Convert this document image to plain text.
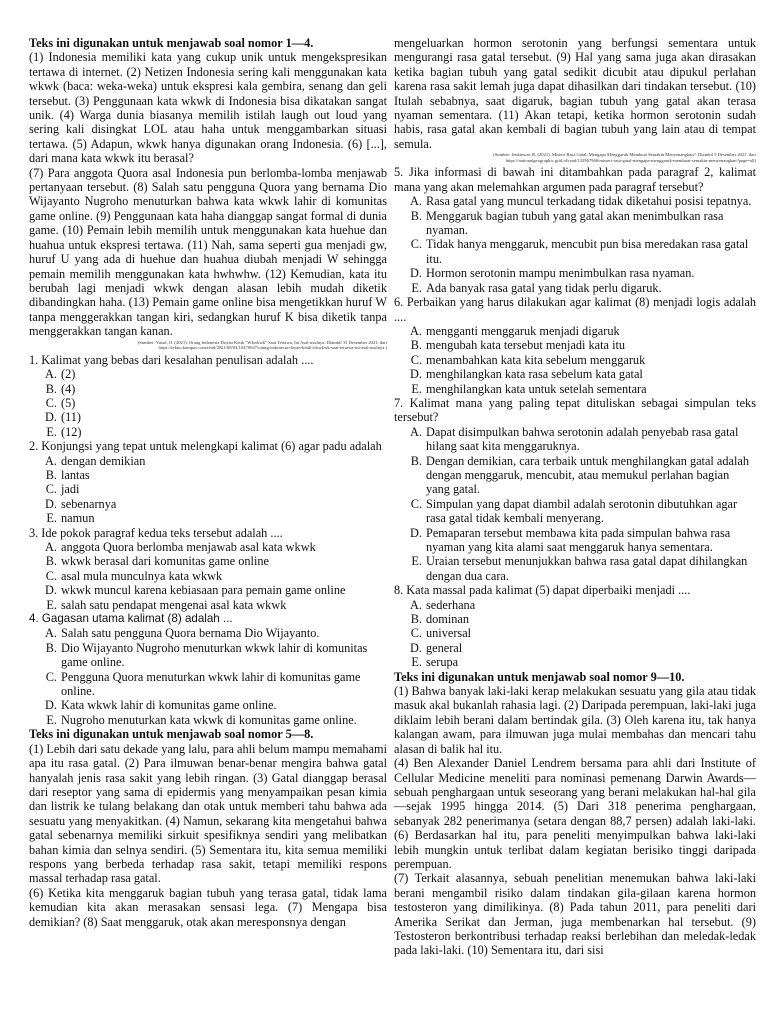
Teks ini digunakan untuk menjawab soal nomor 1—4.

(1) Indonesia memiliki kata yang cukup unik untuk mengekspresikan tertawa di internet. (2) Netizen Indonesia sering kali menggunakan kata wkwk (baca: weka-weka) untuk ekspresi kala gembira, senang dan geli tersebut. (3) Penggunaan kata wkwk di Indonesia bisa dikatakan sangat unik. (4) Warga dunia biasanya memilih istilah laugh out loud yang sering kali disingkat LOL atau haha untuk menggambarkan situasi tertawa. (5) Adapun, wkwk hanya digunakan orang Indonesia. (6) [...], dari mana kata wkwk itu berasal?

(7) Para anggota Quora asal Indonesia pun berlomba-lomba menjawab pertanyaan tersebut. (8) Salah satu pengguna Quora yang bernama Dio Wijayanto Nugroho menuturkan bahwa kata wkwk lahir di komunitas game online. (9) Penggunaan kata haha dianggap sangat formal di dunia game. (10) Pemain lebih memilih untuk menggunakan kata huehue dan huahua untuk ekspresi tertawa. (11) Nah, sama seperti gua menjadi gw, huruf U yang ada di huehue dan huahua diubah menjadi W sehingga pemain memilih menggunakan kata hwhwhw. (12) Kemudian, kata itu berubah lagi menjadi wkwk dengan alasan lebih mudah diketik dibandingkan haha. (13) Pemain game online bisa mengetikkan huruf W tanpa menggerakkan tangan kiri, sedangkan huruf K bisa diketik tanpa menggerakkan tangan kanan.

(Sumber: Yusuf, O. (2021). Orang Indonesia Doyan Ketik "Wkwkwk" Saat Tertawa, Ini Asal-usulnya. Diambil 31 Desember 2021, dari https://tekno.kompas.com/read/2021/08/04/16470047/orang-indonesia-doyan-ketik-wkwkwk-saat-tertawa-ini-asal-usulnya.)

1. Kalimat yang bebas dari kesalahan penulisan adalah ....

A. (2)
B. (4)
C. (5)
D. (11)
E. (12)

2. Konjungsi yang tepat untuk melengkapi kalimat (6) agar padu adalah

A. dengan demikian
B. lantas
C. jadi
D. sebenarnya
E. namun

3. Ide pokok paragraf kedua teks tersebut adalah ....

A. anggota Quora berlomba menjawab asal kata wkwk
B. wkwk berasal dari komunitas game online
C. asal mula munculnya kata wkwk
D. wkwk muncul karena kebiasaan para pemain game online
E. salah satu pendapat mengenai asal kata wkwk

4. Gagasan utama kalimat (8) adalah ...

A. Salah satu pengguna Quora bernama Dio Wijayanto.
B. Dio Wijayanto Nugroho menuturkan wkwk lahir di komunitas game online.
C. Pengguna Quora menuturkan wkwk lahir di komunitas game online.
D. Kata wkwk lahir di komunitas game online.
E. Nugroho menuturkan kata wkwk di komunitas game online.

Teks ini digunakan untuk menjawab soal nomor 5—8.

(1) Lebih dari satu dekade yang lalu, para ahli belum mampu memahami apa itu rasa gatal. (2) Para ilmuwan benar-benar mengira bahwa gatal hanyalah jenis rasa sakit yang lebih ringan. (3) Gatal dianggap berasal dari reseptor yang sama di epidermis yang menyampaikan pesan kimia dan listrik ke tulang belakang dan otak untuk memberi tahu bahwa ada sesuatu yang menyakitkan. (4) Namun, sekarang kita mengetahui bahwa gatal sebenarnya memiliki sirkuit spesifiknya sendiri yang melibatkan bahan kimia dan selnya sendiri. (5) Sementara itu, kita semua memiliki respons yang berbeda terhadap rasa sakit, tetapi memiliki respons massal terhadap rasa gatal.

(6) Ketika kita menggaruk bagian tubuh yang terasa gatal, tidak lama kemudian kita akan merasakan sensasi lega. (7) Mengapa bisa demikian? (8) Saat menggaruk, otak akan meresponsnya dengan

mengeluarkan hormon serotonin yang berfungsi sementara untuk mengurangi rasa gatal tersebut. (9) Hal yang sama juga akan dirasakan ketika bagian tubuh yang gatal sedikit dicubit atau dipukul perlahan karena rasa sakit lemah juga dapat dihasilkan dari tindakan tersebut. (10) Itulah sebabnya, saat digaruk, bagian tubuh yang gatal akan terasa nyaman sementara. (11) Akan tetapi, ketika hormon serotonin sudah habis, rasa gatal akan kembali di bagian tubuh yang lain atau di tempat semula.

(Sumber: Jenkinson, R. (2021). Misteri Rasa Gatal, Mengapa Menggaruk Membuat Semakin Menyenangkan?. Diambil 5 Desember 2021, dari https://nationalgeographic.grid.id/read/132967966/misteri-rasa-gatal-mengapa-menggaruk-membuat-semakin-menyenangkan?page=all)

5. Jika informasi di bawah ini ditambahkan pada paragraf 2, kalimat mana yang akan melemahkan argumen pada paragraf tersebut?

A. Rasa gatal yang muncul terkadang tidak diketahui posisi tepatnya.
B. Menggaruk bagian tubuh yang gatal akan menimbulkan rasa nyaman.
C. Tidak hanya menggaruk, mencubit pun bisa meredakan rasa gatal itu.
D. Hormon serotonin mampu menimbulkan rasa nyaman.
E. Ada banyak rasa gatal yang tidak perlu digaruk.

6. Perbaikan yang harus dilakukan agar kalimat (8) menjadi logis adalah ....

A. mengganti menggaruk menjadi digaruk
B. mengubah kata tersebut menjadi kata itu
C. menambahkan kata kita sebelum menggaruk
D. menghilangkan kata rasa sebelum kata gatal
E. menghilangkan kata untuk setelah sementara

7. Kalimat mana yang paling tepat dituliskan sebagai simpulan teks tersebut?

A. Dapat disimpulkan bahwa serotonin adalah penyebab rasa gatal hilang saat kita menggaruknya.
B. Dengan demikian, cara terbaik untuk menghilangkan gatal adalah dengan menggaruk, mencubit, atau memukul perlahan bagian yang gatal.
C. Simpulan yang dapat diambil adalah serotonin dibutuhkan agar rasa gatal tidak kembali menyerang.
D. Pemaparan tersebut membawa kita pada simpulan bahwa rasa nyaman yang kita alami saat menggaruk hanya sementara.
E. Uraian tersebut menunjukkan bahwa rasa gatal dapat dihilangkan dengan dua cara.

8. Kata massal pada kalimat (5) dapat diperbaiki menjadi ....

A. sederhana
B. dominan
C. universal
D. general
E. serupa

Teks ini digunakan untuk menjawab soal nomor 9—10.

(1) Bahwa banyak laki-laki kerap melakukan sesuatu yang gila atau tidak masuk akal bukanlah rahasia lagi. (2) Daripada perempuan, laki-laki juga diklaim lebih berani dalam bertindak gila. (3) Oleh karena itu, tak hanya kalangan awam, para ilmuwan juga mulai membahas dan mencari tahu alasan di balik hal itu.

(4) Ben Alexander Daniel Lendrem bersama para ahli dari Institute of Cellular Medicine meneliti para nominasi pemenang Darwin Awards—sebuah penghargaan untuk seseorang yang berani melakukan hal-hal gila—sejak 1995 hingga 2014. (5) Dari 318 penerima penghargaan, sebanyak 282 penerimanya (setara dengan 88,7 persen) adalah laki-laki. (6) Berdasarkan hal itu, para peneliti menyimpulkan bahwa laki-laki lebih mungkin untuk terlibat dalam kegiatan berisiko tinggi daripada perempuan.

(7) Terkait alasannya, sebuah penelitian menemukan bahwa laki-laki berani mengambil risiko dalam tindakan gila-gilaan karena hormon testosteron yang dimilikinya. (8) Pada tahun 2011, para peneliti dari Amerika Serikat dan Jerman, juga membenarkan hal tersebut. (9) Testosteron berkontribusi terhadap reaksi berlebihan dan meledak-ledak pada laki-laki. (10) Sementara itu, dari sisi
